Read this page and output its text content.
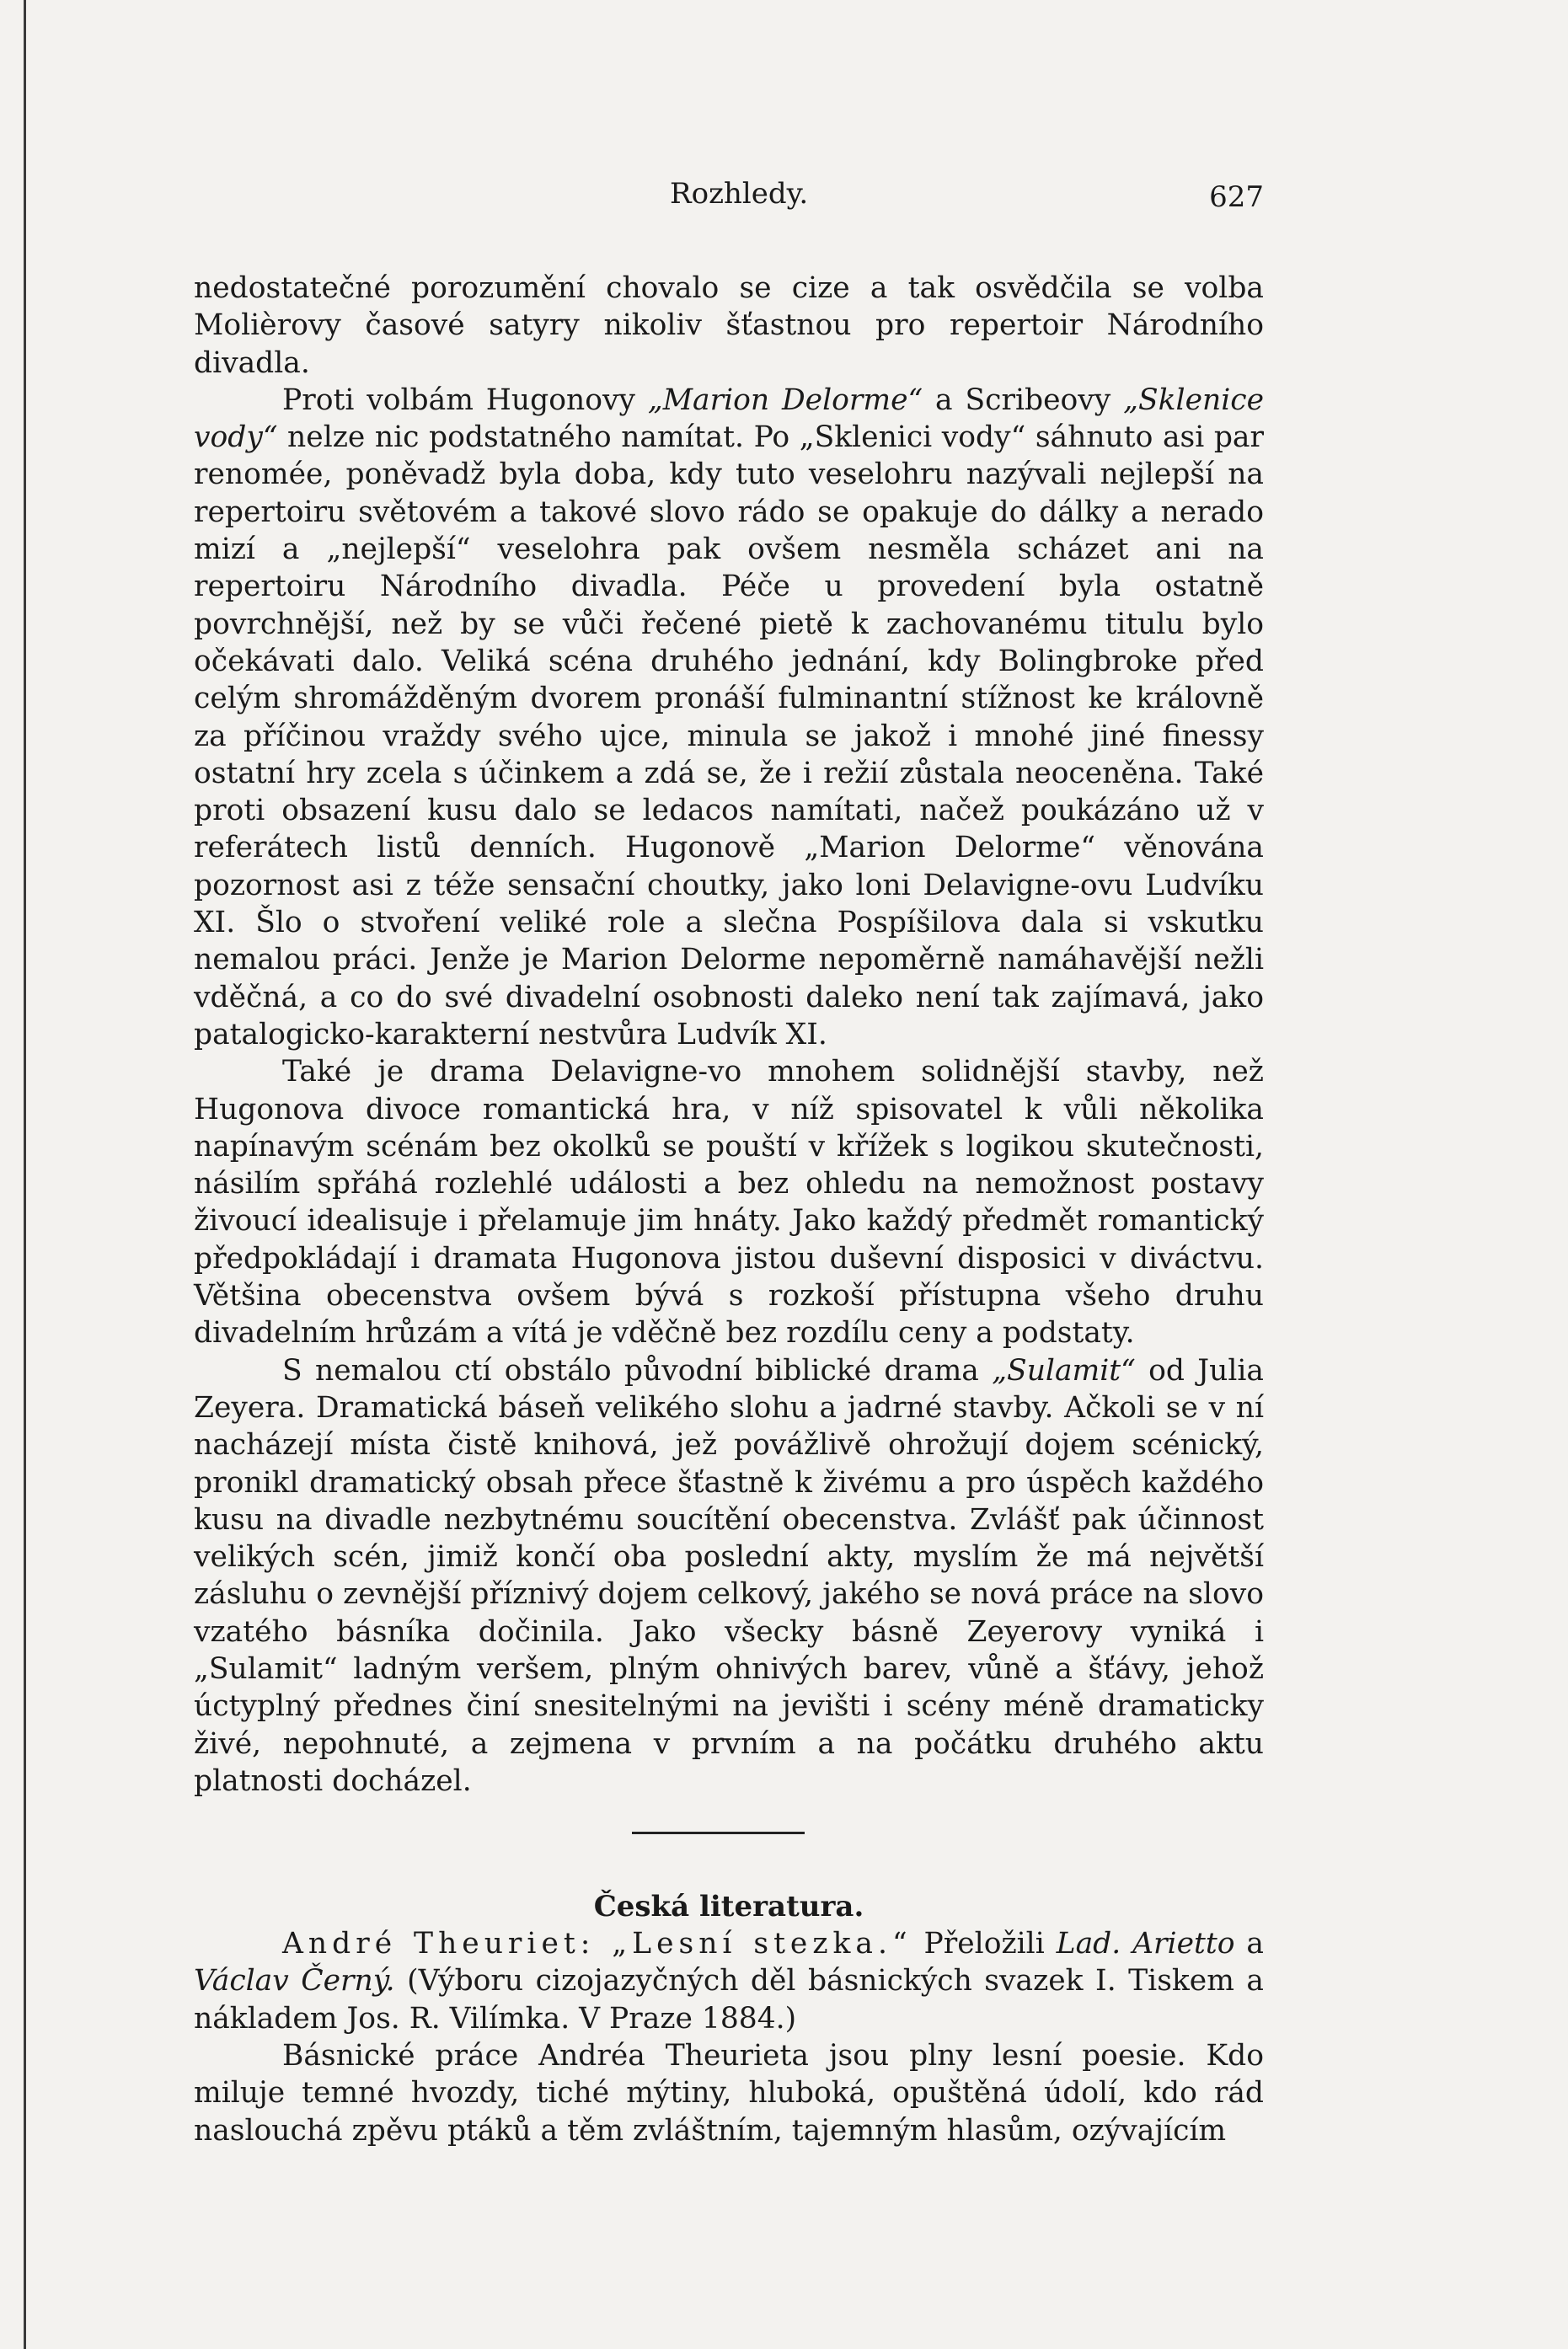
Rozhledy.	627

nedostatečné porozumění chovalo se cize a tak osvědčila se volba Molièrovy časové satyry nikoliv šťastnou pro repertoir Národního divadla.

Proti volbám Hugonovy „Marion Delorme“ a Scribeovy „Sklenice vody“ nelze nic podstatného namítat. Po „Sklenici vody“ sáhnuto asi par renomée, poněvadž byla doba, kdy tuto veselohru nazývali nejlepší na repertoiru světovém a takové slovo rádo se opakuje do dálky a nerado mizí a „nejlepší“ veselohra pak ovšem nesměla scházet ani na repertoiru Národního divadla. Péče u provedení byla ostatně povrchnější, než by se vůči řečené pietě k zachovanému titulu bylo očekávati dalo. Veliká scéna druhého jednání, kdy Bolingbroke před celým shromážděným dvorem pronáší fulminantní stížnost ke královně za příčinou vraždy svého ujce, minula se jakož i mnohé jiné finessy ostatní hry zcela s účinkem a zdá se, že i režií zůstala neoceněna. Také proti obsazení kusu dalo se ledacos namítati, načež poukázáno už v referátech listů denních. Hugonově „Marion Delorme“ věnována pozornost asi z téže sensační choutky, jako loni Delavigne-ovu Ludvíku XI. Šlo o stvoření veliké role a slečna Pospíšilova dala si vskutku nemalou práci. Jenže je Marion Delorme nepoměrně namáhavější nežli vděčná, a co do své divadelní osobnosti daleko není tak zajímavá, jako patalogicko-karakterní nestvůra Ludvík XI.

Také je drama Delavigne-vo mnohem solidnější stavby, než Hugonova divoce romantická hra, v níž spisovatel k vůli několika napínavým scénám bez okolků se pouští v křížek s logikou skutečnosti, násilím spřáhá rozlehlé události a bez ohledu na nemožnost postavy živoucí idealisuje i přelamuje jim hnáty. Jako každý předmět romantický předpokládají i dramata Hugonova jistou duševní disposici v diváctvu. Většina obecenstva ovšem bývá s rozkoší přístupna všeho druhu divadelním hrůzám a vítá je vděčně bez rozdílu ceny a podstaty.

S nemalou ctí obstálo původní biblické drama „Sulamit“ od Julia Zeyera. Dramatická báseň velikého slohu a jadrné stavby. Ačkoli se v ní nacházejí místa čistě knihová, jež povážlivě ohrožují dojem scénický, pronikl dramatický obsah přece šťastně k živému a pro úspěch každého kusu na divadle nezbytnému soucítění obecenstva. Zvlášť pak účinnost velikých scén, jimiž končí oba poslední akty, myslím že má největší zásluhu o zevnější příznivý dojem celkový, jakého se nová práce na slovo vzatého básníka dočinila. Jako všecky básně Zeyerovy vyniká i „Sulamit“ ladným veršem, plným ohnivých barev, vůně a šťávy, jehož úctyplný přednes činí snesitelnými na jevišti i scény méně dramaticky živé, nepohnuté, a zejmena v prvním a na počátku druhého aktu platnosti docházel.

Česká literatura.

André Theuriet: „Lesní stezka.“ Přeložili Lad. Arietto a Václav Černý. (Výboru cizojazyčných děl básnických svazek I. Tiskem a nákladem Jos. R. Vilímka. V Praze 1884.)

Básnické práce Andréa Theurieta jsou plny lesní poesie. Kdo miluje temné hvozdy, tiché mýtiny, hluboká, opuštěná údolí, kdo rád naslouchá zpěvu ptáků a těm zvláštním, tajemným hlasům, ozývajícím
